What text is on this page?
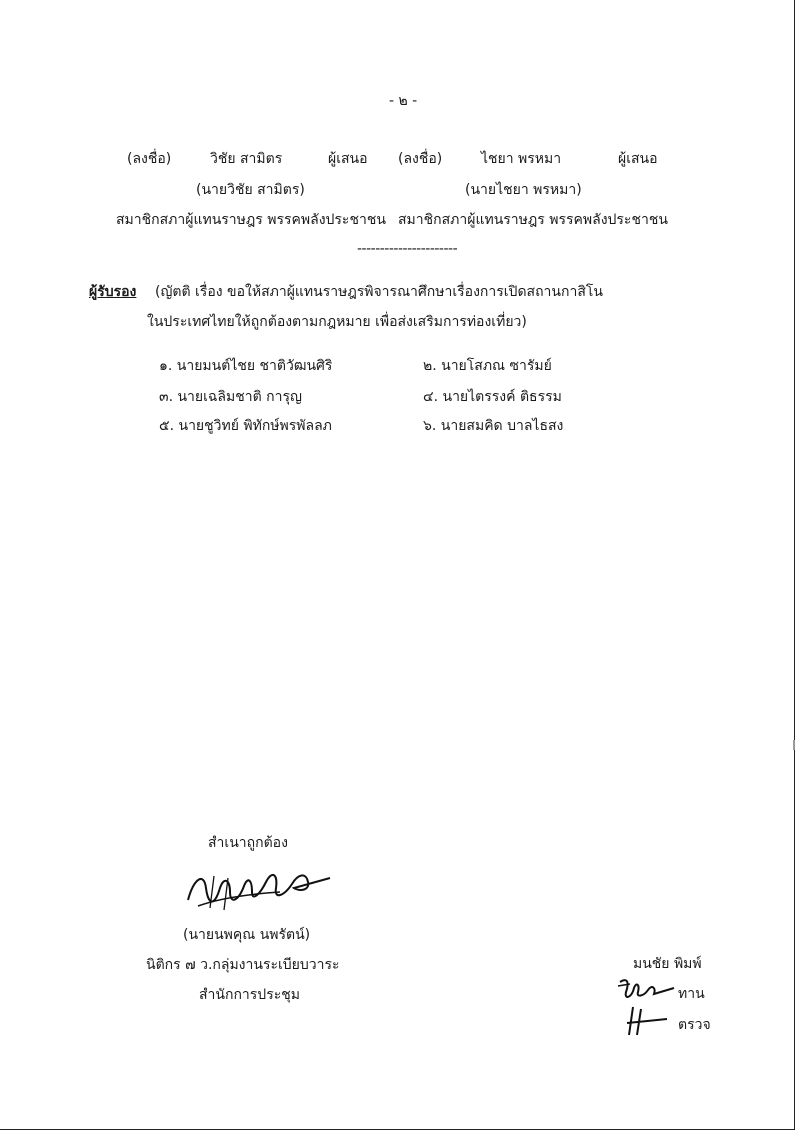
- ๒ -
(ลงชื่อ)	วิชัย สามิตร	ผู้เสนอ
(นายวิชัย สามิตร)
สมาชิกสภาผู้แทนราษฎร พรรคพลังประชาชน
(ลงชื่อ)	ไชยา พรหมา	ผู้เสนอ
(นายไชยา พรหมา)
สมาชิกสภาผู้แทนราษฎร พรรคพลังประชาชน
----------------------
ผู้รับรอง (ญัตติ เรื่อง ขอให้สภาผู้แทนราษฎรพิจารณาศึกษาเรื่องการเปิดสถานกาสิโน
ในประเทศไทยให้ถูกต้องตามกฎหมาย เพื่อส่งเสริมการท่องเที่ยว)
๑. นายมนต์ไชย ชาติวัฒนศิริ	๒. นายโสภณ ซารัมย์
๓. นายเฉลิมชาติ การุญ	๔. นายไตรรงค์ ติธรรม
๕. นายชูวิทย์ พิทักษ์พรพัลลภ	๖. นายสมคิด บาลไธสง
สำเนาถูกต้อง
(นายนพคุณ นพรัตน์)
นิติกร ๗ ว.กลุ่มงานระเบียบวาระ
สำนักการประชุม
มนชัย พิมพ์
ทาน
ตรวจ
